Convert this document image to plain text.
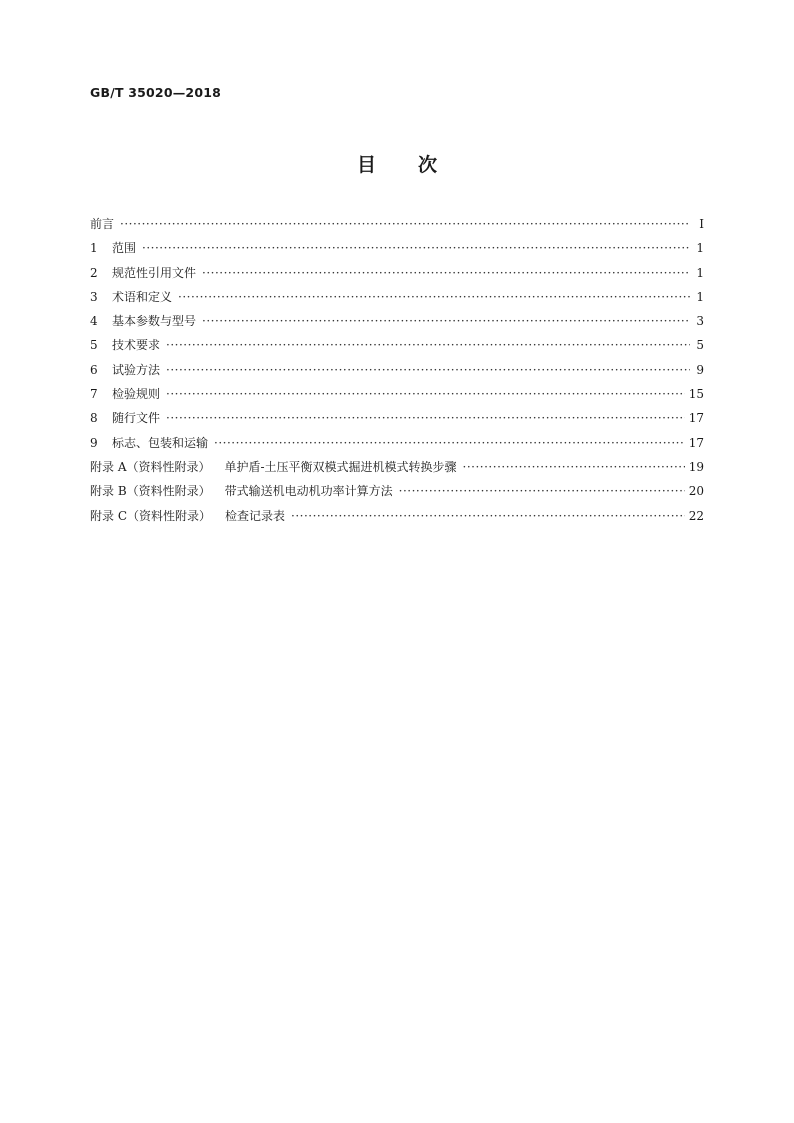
GB/T 35020—2018
目 次
前言 ·····	Ⅰ
1	范围 ·····	1
2	规范性引用文件 ·····	1
3	术语和定义 ·····	1
4	基本参数与型号 ·····	3
5	技术要求 ·····	5
6	试验方法 ·····	9
7	检验规则 ·····	15
8	随行文件 ·····	17
9	标志、包装和运输 ·····	17
附录 A（资料性附录） 单护盾-土压平衡双模式掘进机模式转换步骤 ·····	19
附录 B（资料性附录） 带式输送机电动机功率计算方法 ·····	20
附录 C（资料性附录） 检查记录表 ·····	22
